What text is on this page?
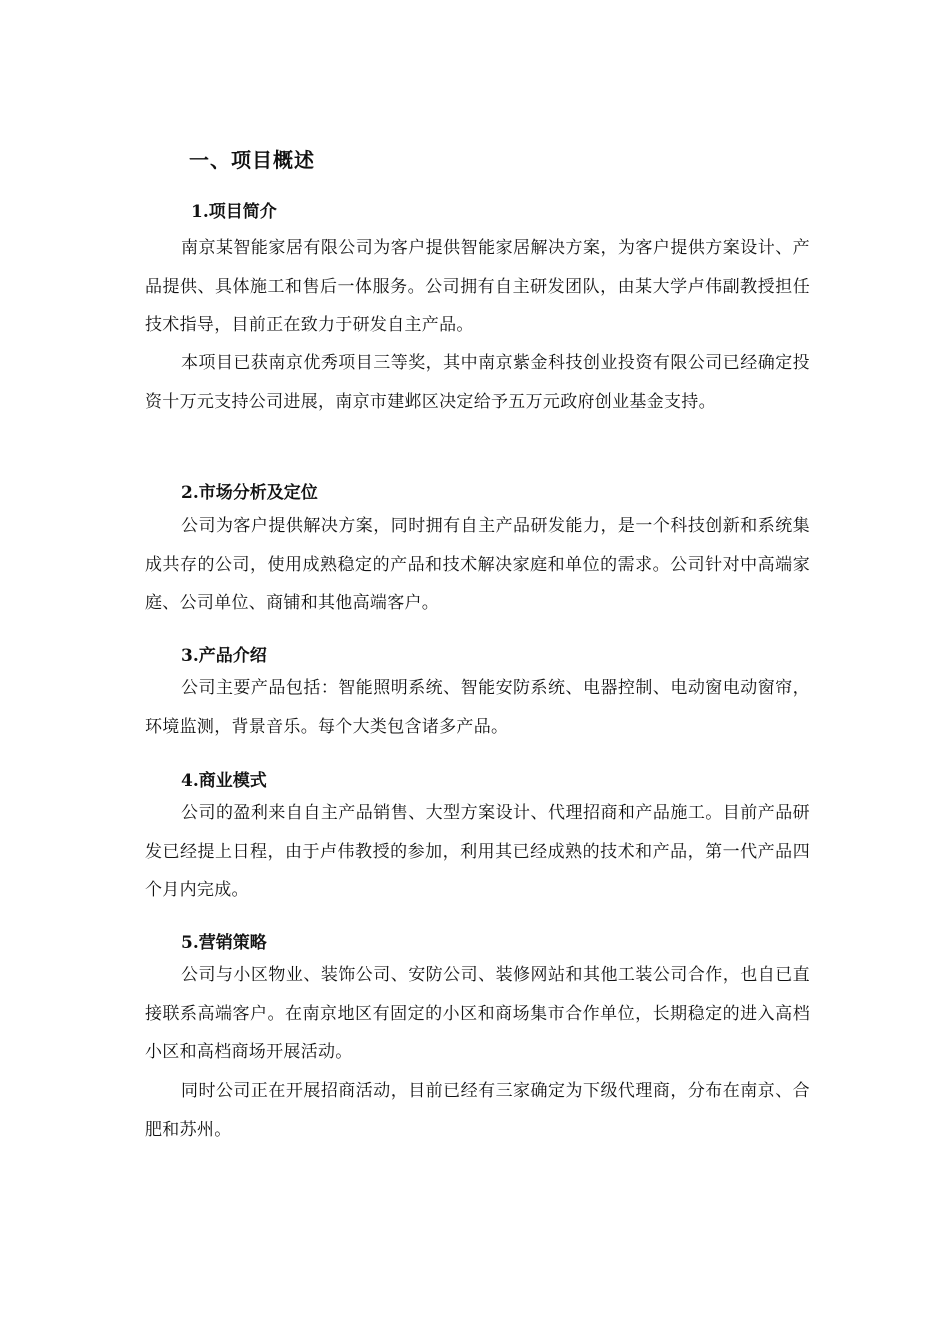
一、项目概述
1.项目简介

南京某智能家居有限公司为客户提供智能家居解决方案，为客户提供方案设计、产品提供、具体施工和售后一体服务。公司拥有自主研发团队，由某大学卢伟副教授担任技术指导，目前正在致力于研发自主产品。

本项目已获南京优秀项目三等奖，其中南京紫金科技创业投资有限公司已经确定投资十万元支持公司进展，南京市建邺区决定给予五万元政府创业基金支持。

2.市场分析及定位

公司为客户提供解决方案，同时拥有自主产品研发能力，是一个科技创新和系统集成共存的公司，使用成熟稳定的产品和技术解决家庭和单位的需求。公司针对中高端家庭、公司单位、商铺和其他高端客户。

3.产品介绍

公司主要产品包括：智能照明系统、智能安防系统、电器控制、电动窗电动窗帘，环境监测，背景音乐。每个大类包含诸多产品。

4.商业模式

公司的盈利来自自主产品销售、大型方案设计、代理招商和产品施工。目前产品研发已经提上日程，由于卢伟教授的参加，利用其已经成熟的技术和产品，第一代产品四个月内完成。

5.营销策略

公司与小区物业、装饰公司、安防公司、装修网站和其他工装公司合作，也自已直接联系高端客户。在南京地区有固定的小区和商场集市合作单位，长期稳定的进入高档小区和高档商场开展活动。

同时公司正在开展招商活动，目前已经有三家确定为下级代理商，分布在南京、合肥和苏州。
